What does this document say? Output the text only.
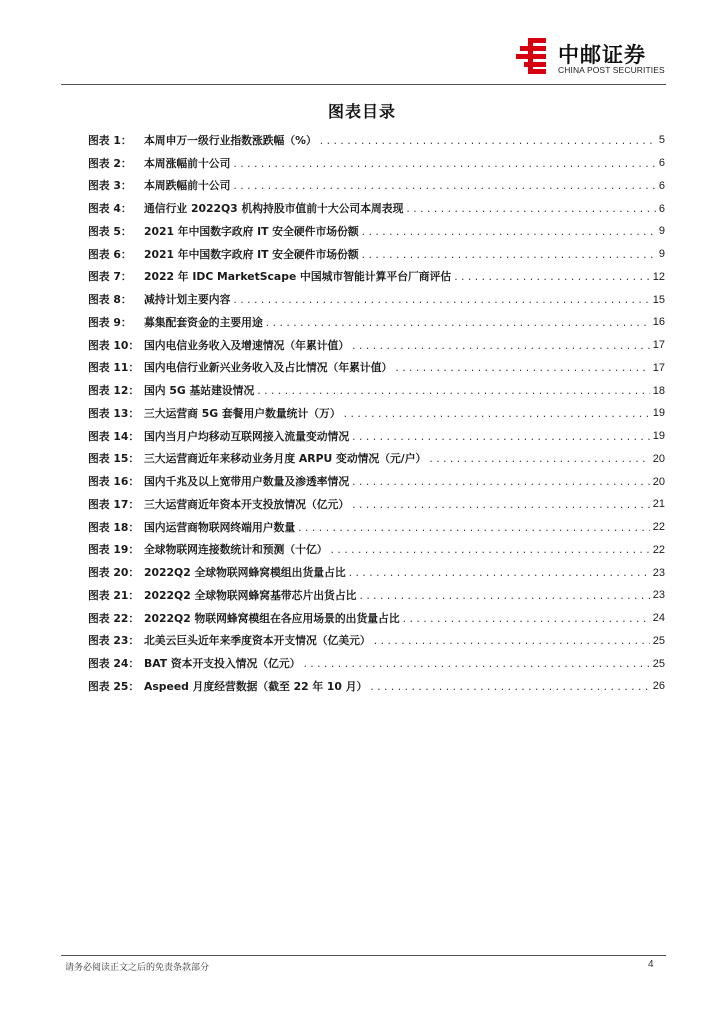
中邮证券
CHINA POST SECURITIES
图表目录
图表 1：	本周申万一级行业指数涨跌幅（%） . . .	5
图表 2：	本周涨幅前十公司 . . .	6
图表 3：	本周跌幅前十公司 . . .	6
图表 4：	通信行业 2022Q3 机构持股市值前十大公司本周表现 . . .	6
图表 5：	2021 年中国数字政府 IT 安全硬件市场份额 . . .	9
图表 6：	2021 年中国数字政府 IT 安全硬件市场份额 . . .	9
图表 7：	2022 年 IDC MarketScape 中国城市智能计算平台厂商评估 . . .	12
图表 8：	减持计划主要内容 . . .	15
图表 9：	募集配套资金的主要用途 . . .	16
图表 10： 国内电信业务收入及增速情况（年累计值） . . .	17
图表 11： 国内电信行业新兴业务收入及占比情况（年累计值） . . .	17
图表 12： 国内 5G 基站建设情况 . . .	18
图表 13： 三大运营商 5G 套餐用户数量统计（万） . . .	19
图表 14： 国内当月户均移动互联网接入流量变动情况 . . .	19
图表 15： 三大运营商近年来移动业务月度 ARPU 变动情况（元/户） . . .	20
图表 16： 国内千兆及以上宽带用户数量及渗透率情况 . . .	20
图表 17： 三大运营商近年资本开支投放情况（亿元） . . .	21
图表 18： 国内运营商物联网终端用户数量 . . .	22
图表 19： 全球物联网连接数统计和预测（十亿） . . .	22
图表 20： 2022Q2 全球物联网蜂窝模组出货量占比 . . .	23
图表 21： 2022Q2 全球物联网蜂窝基带芯片出货占比 . . .	23
图表 22： 2022Q2 物联网蜂窝模组在各应用场景的出货量占比 . . .	24
图表 23： 北美云巨头近年来季度资本开支情况（亿美元） . . .	25
图表 24： BAT 资本开支投入情况（亿元） . . .	25
图表 25： Aspeed 月度经营数据（截至 22 年 10 月） . . .	26
请务必阅读正文之后的免责条款部分	4
